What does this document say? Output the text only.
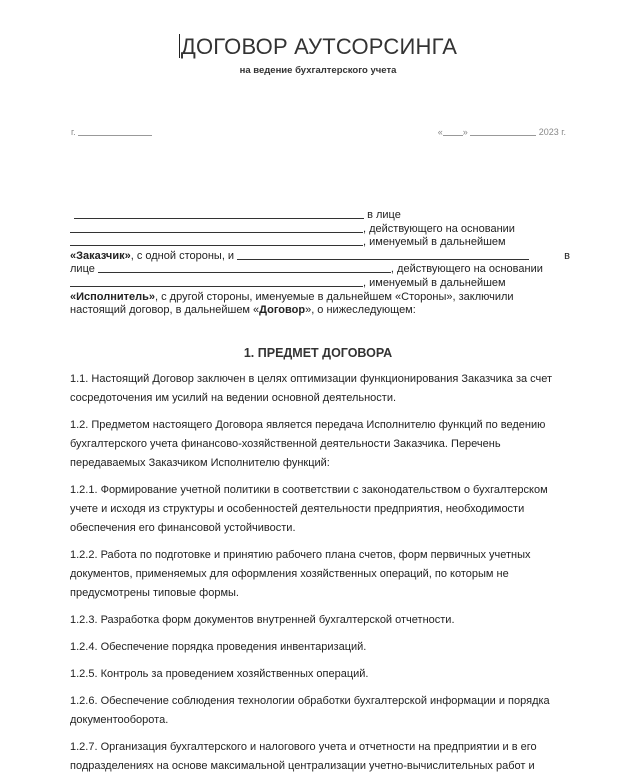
ДОГОВОР АУТСОРСИНГА
на ведение бухгалтерского учета
г.	« »	2023 г.
в лице
, действующего на основании
, именуемый в дальнейшем
«Заказчик», с одной стороны, и	в
лице	, действующего на основании
, именуемый в дальнейшем
«Исполнитель», с другой стороны, именуемые в дальнейшем «Стороны», заключили
настоящий договор, в дальнейшем «Договор», о нижеследующем:
1. ПРЕДМЕТ ДОГОВОРА

1.1. Настоящий Договор заключен в целях оптимизации функционирования Заказчика за счет сосредоточения им усилий на ведении основной деятельности.

1.2. Предметом настоящего Договора является передача Исполнителю функций по ведению бухгалтерского учета финансово-хозяйственной деятельности Заказчика. Перечень передаваемых Заказчиком Исполнителю функций:

1.2.1. Формирование учетной политики в соответствии с законодательством о бухгалтерском учете и исходя из структуры и особенностей деятельности предприятия, необходимости обеспечения его финансовой устойчивости.

1.2.2. Работа по подготовке и принятию рабочего плана счетов, форм первичных учетных документов, применяемых для оформления хозяйственных операций, по которым не предусмотрены типовые формы.

1.2.3. Разработка форм документов внутренней бухгалтерской отчетности.

1.2.4. Обеспечение порядка проведения инвентаризаций.

1.2.5. Контроль за проведением хозяйственных операций.

1.2.6. Обеспечение соблюдения технологии обработки бухгалтерской информации и порядка документооборота.

1.2.7. Организация бухгалтерского и налогового учета и отчетности на предприятии и в его подразделениях на основе максимальной централизации учетно-вычислительных работ и
